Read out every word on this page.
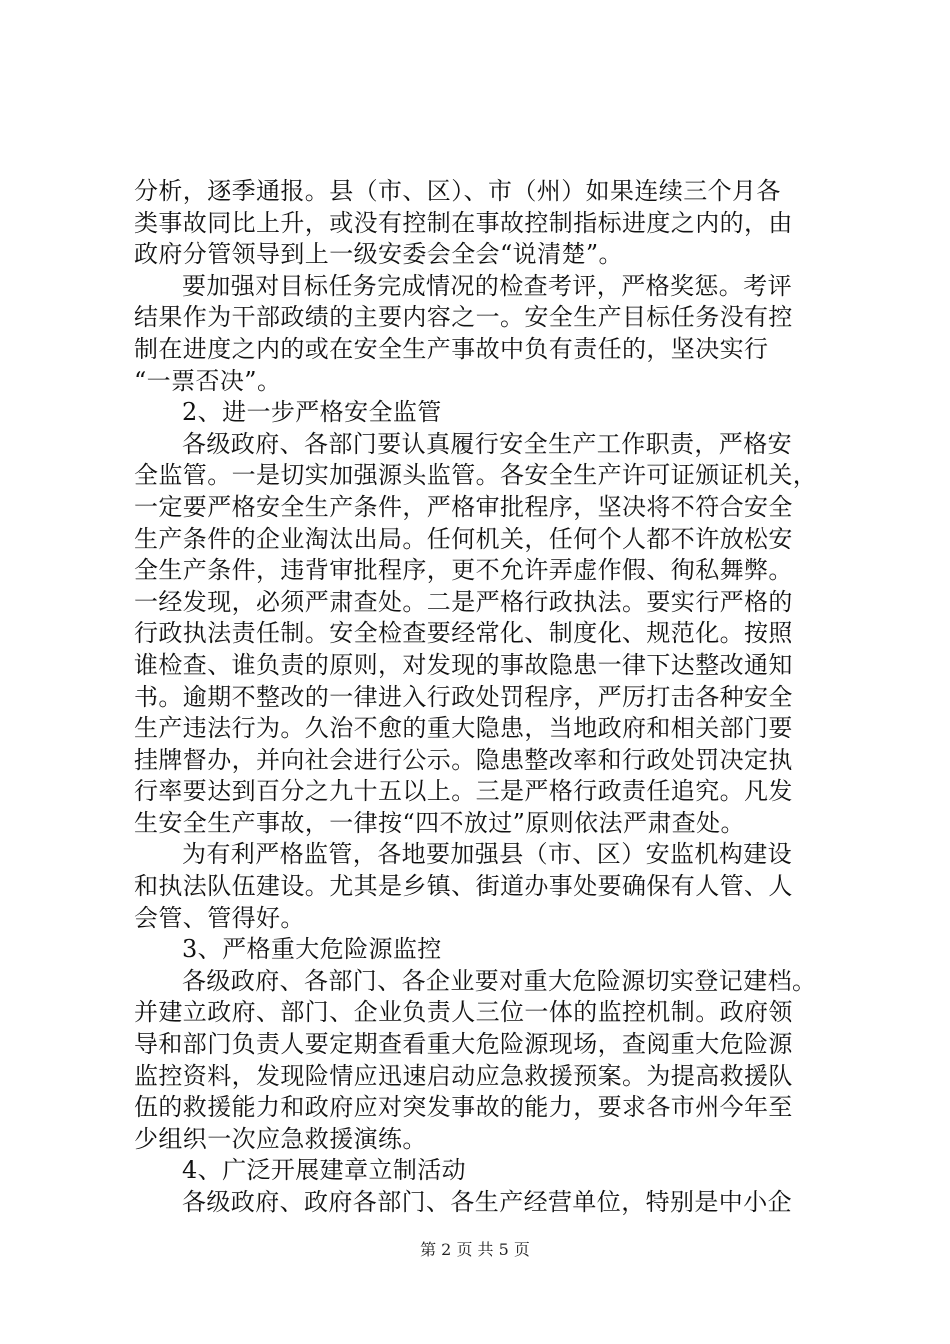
分析，逐季通报。县（市、区）、市（州）如果连续三个月各
类事故同比上升，或没有控制在事故控制指标进度之内的，由
政府分管领导到上一级安委会全会“说清楚”。
要加强对目标任务完成情况的检查考评，严格奖惩。考评
结果作为干部政绩的主要内容之一。安全生产目标任务没有控
制在进度之内的或在安全生产事故中负有责任的，坚决实行
“一票否决”。
2、进一步严格安全监管
各级政府、各部门要认真履行安全生产工作职责，严格安
全监管。一是切实加强源头监管。各安全生产许可证颁证机关，
一定要严格安全生产条件，严格审批程序，坚决将不符合安全
生产条件的企业淘汰出局。任何机关，任何个人都不许放松安
全生产条件，违背审批程序，更不允许弄虚作假、徇私舞弊。
一经发现，必须严肃查处。二是严格行政执法。要实行严格的
行政执法责任制。安全检查要经常化、制度化、规范化。按照
谁检查、谁负责的原则，对发现的事故隐患一律下达整改通知
书。逾期不整改的一律进入行政处罚程序，严厉打击各种安全
生产违法行为。久治不愈的重大隐患，当地政府和相关部门要
挂牌督办，并向社会进行公示。隐患整改率和行政处罚决定执
行率要达到百分之九十五以上。三是严格行政责任追究。凡发
生安全生产事故，一律按“四不放过”原则依法严肃查处。
为有利严格监管，各地要加强县（市、区）安监机构建设
和执法队伍建设。尤其是乡镇、街道办事处要确保有人管、人
会管、管得好。
3、严格重大危险源监控
各级政府、各部门、各企业要对重大危险源切实登记建档。
并建立政府、部门、企业负责人三位一体的监控机制。政府领
导和部门负责人要定期查看重大危险源现场，查阅重大危险源
监控资料，发现险情应迅速启动应急救援预案。为提高救援队
伍的救援能力和政府应对突发事故的能力，要求各市州今年至
少组织一次应急救援演练。
4、广泛开展建章立制活动
各级政府、政府各部门、各生产经营单位，特别是中小企
第 2 页 共 5 页
